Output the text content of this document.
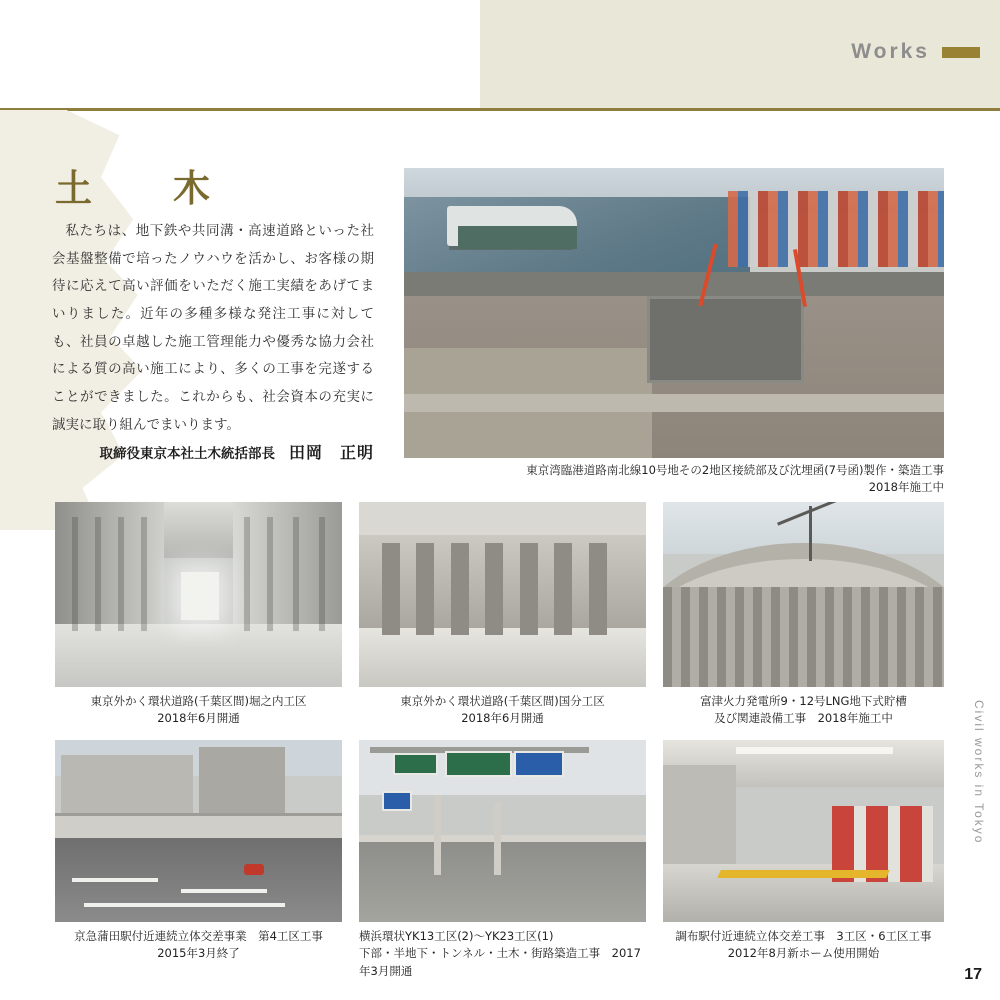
Works
土　木

私たちは、地下鉄や共同溝・高速道路といった社会基盤整備で培ったノウハウを活かし、お客様の期待に応えて高い評価をいただく施工実績をあげてまいりました。近年の多種多様な発注工事に対しても、社員の卓越した施工管理能力や優秀な協力会社による質の高い施工により、多くの工事を完遂することができました。これからも、社会資本の充実に誠実に取り組んでまいります。

取締役東京本社土木統括部長 田岡　正明
東京湾臨港道路南北線10号地その2地区接続部及び沈埋函(7号函)製作・築造工事
2018年施工中
東京外かく環状道路(千葉区間)堀之内工区
2018年6月開通
東京外かく環状道路(千葉区間)国分工区
2018年6月開通
富津火力発電所9・12号LNG地下式貯槽
及び関連設備工事　2018年施工中
京急蒲田駅付近連続立体交差事業　第4工区工事
2015年3月終了
横浜環状YK13工区(2)〜YK23工区(1)
下部・半地下・トンネル・土木・街路築造工事　2017年3月開通
調布駅付近連続立体交差工事　3工区・6工区工事
2012年8月新ホーム使用開始
Civil works in Tokyo
17
